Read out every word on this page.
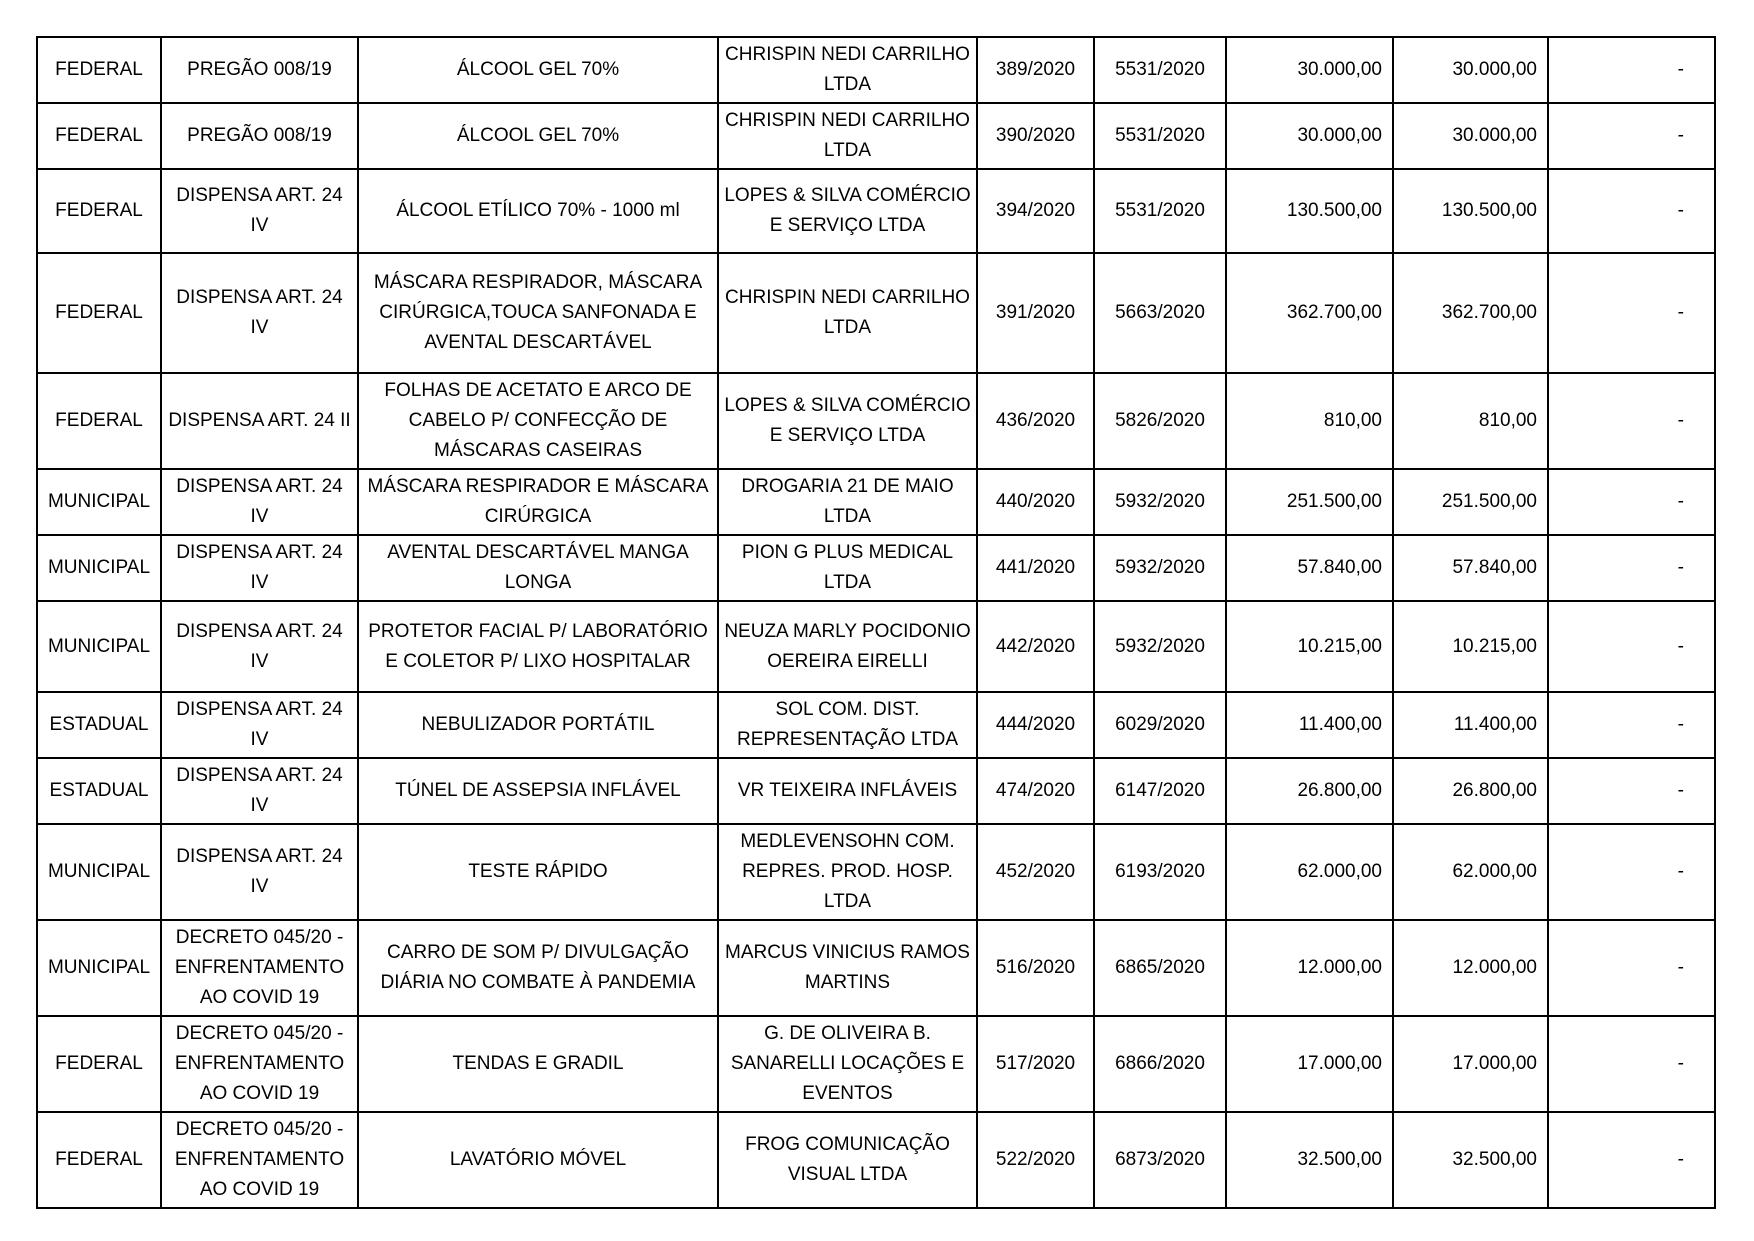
FEDERAL	PREGÃO 008/19	ÁLCOOL GEL 70%	CHRISPIN NEDI CARRILHO LTDA	389/2020	5531/2020	30.000,00	30.000,00	-
FEDERAL	PREGÃO 008/19	ÁLCOOL GEL 70%	CHRISPIN NEDI CARRILHO LTDA	390/2020	5531/2020	30.000,00	30.000,00	-
FEDERAL	DISPENSA ART. 24 IV	ÁLCOOL ETÍLICO 70% - 1000 ml	LOPES & SILVA COMÉRCIO E SERVIÇO LTDA	394/2020	5531/2020	130.500,00	130.500,00	-
FEDERAL	DISPENSA ART. 24 IV	MÁSCARA RESPIRADOR, MÁSCARA CIRÚRGICA,TOUCA SANFONADA E AVENTAL DESCARTÁVEL	CHRISPIN NEDI CARRILHO LTDA	391/2020	5663/2020	362.700,00	362.700,00	-
FEDERAL	DISPENSA ART. 24 II	FOLHAS DE ACETATO E ARCO DE CABELO P/ CONFECÇÃO DE MÁSCARAS CASEIRAS	LOPES & SILVA COMÉRCIO E SERVIÇO LTDA	436/2020	5826/2020	810,00	810,00	-
MUNICIPAL	DISPENSA ART. 24 IV	MÁSCARA RESPIRADOR E MÁSCARA CIRÚRGICA	DROGARIA 21 DE MAIO LTDA	440/2020	5932/2020	251.500,00	251.500,00	-
MUNICIPAL	DISPENSA ART. 24 IV	AVENTAL DESCARTÁVEL MANGA LONGA	PION G PLUS MEDICAL LTDA	441/2020	5932/2020	57.840,00	57.840,00	-
MUNICIPAL	DISPENSA ART. 24 IV	PROTETOR FACIAL P/ LABORATÓRIO E COLETOR P/ LIXO HOSPITALAR	NEUZA MARLY POCIDONIO OEREIRA EIRELLI	442/2020	5932/2020	10.215,00	10.215,00	-
ESTADUAL	DISPENSA ART. 24 IV	NEBULIZADOR PORTÁTIL	SOL COM. DIST. REPRESENTAÇÃO LTDA	444/2020	6029/2020	11.400,00	11.400,00	-
ESTADUAL	DISPENSA ART. 24 IV	TÚNEL DE ASSEPSIA INFLÁVEL	VR TEIXEIRA INFLÁVEIS	474/2020	6147/2020	26.800,00	26.800,00	-
MUNICIPAL	DISPENSA ART. 24 IV	TESTE RÁPIDO	MEDLEVENSOHN COM. REPRES. PROD. HOSP. LTDA	452/2020	6193/2020	62.000,00	62.000,00	-
MUNICIPAL	DECRETO 045/20 - ENFRENTAMENTO AO COVID 19	CARRO DE SOM P/ DIVULGAÇÃO DIÁRIA NO COMBATE À PANDEMIA	MARCUS VINICIUS RAMOS MARTINS	516/2020	6865/2020	12.000,00	12.000,00	-
FEDERAL	DECRETO 045/20 - ENFRENTAMENTO AO COVID 19	TENDAS E GRADIL	G. DE OLIVEIRA B. SANARELLI LOCAÇÕES E EVENTOS	517/2020	6866/2020	17.000,00	17.000,00	-
FEDERAL	DECRETO 045/20 - ENFRENTAMENTO AO COVID 19	LAVATÓRIO MÓVEL	FROG COMUNICAÇÃO VISUAL LTDA	522/2020	6873/2020	32.500,00	32.500,00	-
